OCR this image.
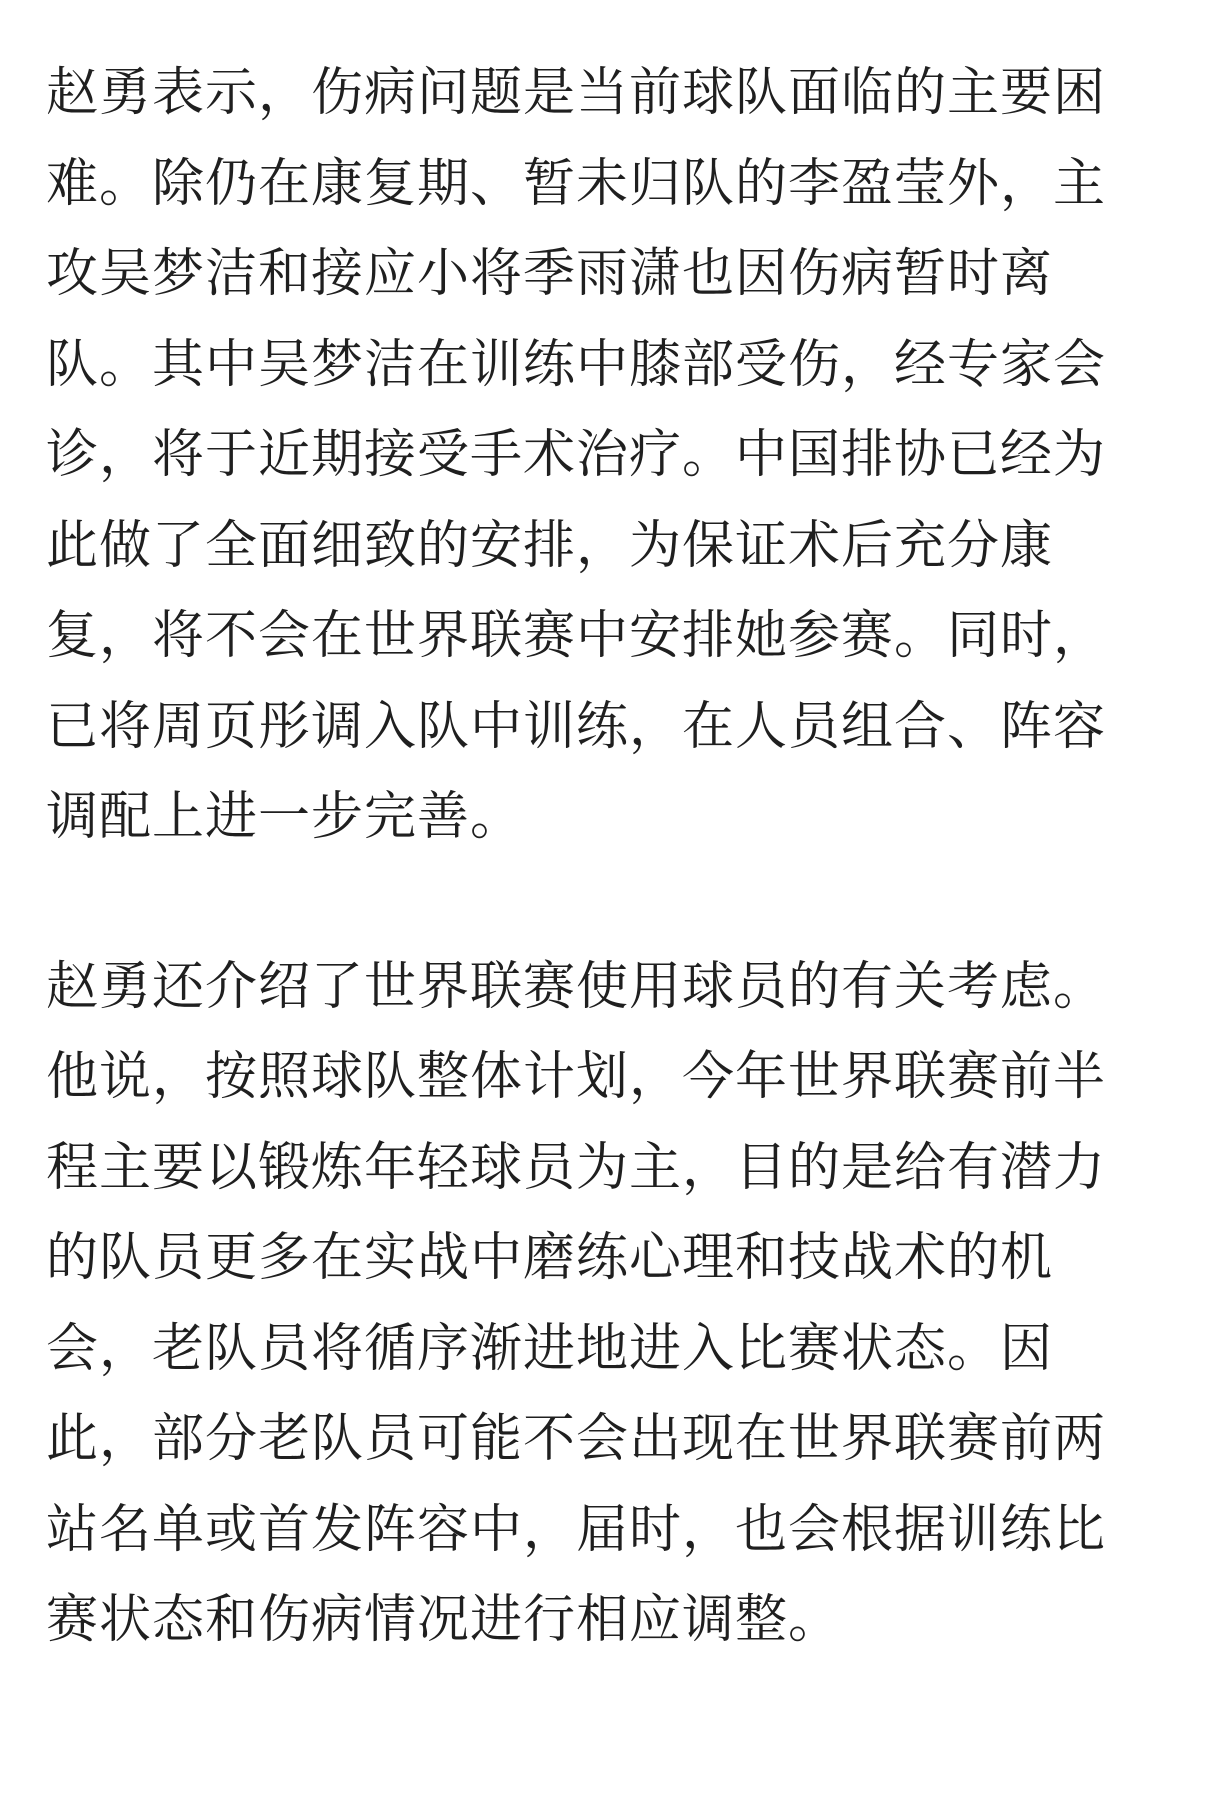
赵勇表示，伤病问题是当前球队面临的主要困
难。除仍在康复期、暂未归队的李盈莹外，主
攻吴梦洁和接应小将季雨潇也因伤病暂时离
队。其中吴梦洁在训练中膝部受伤，经专家会
诊，将于近期接受手术治疗。中国排协已经为
此做了全面细致的安排，为保证术后充分康
复，将不会在世界联赛中安排她参赛。同时，
已将周页彤调入队中训练，在人员组合、阵容
调配上进一步完善。
赵勇还介绍了世界联赛使用球员的有关考虑。
他说，按照球队整体计划，今年世界联赛前半
程主要以锻炼年轻球员为主，目的是给有潜力
的队员更多在实战中磨练心理和技战术的机
会，老队员将循序渐进地进入比赛状态。因
此，部分老队员可能不会出现在世界联赛前两
站名单或首发阵容中，届时，也会根据训练比
赛状态和伤病情况进行相应调整。
